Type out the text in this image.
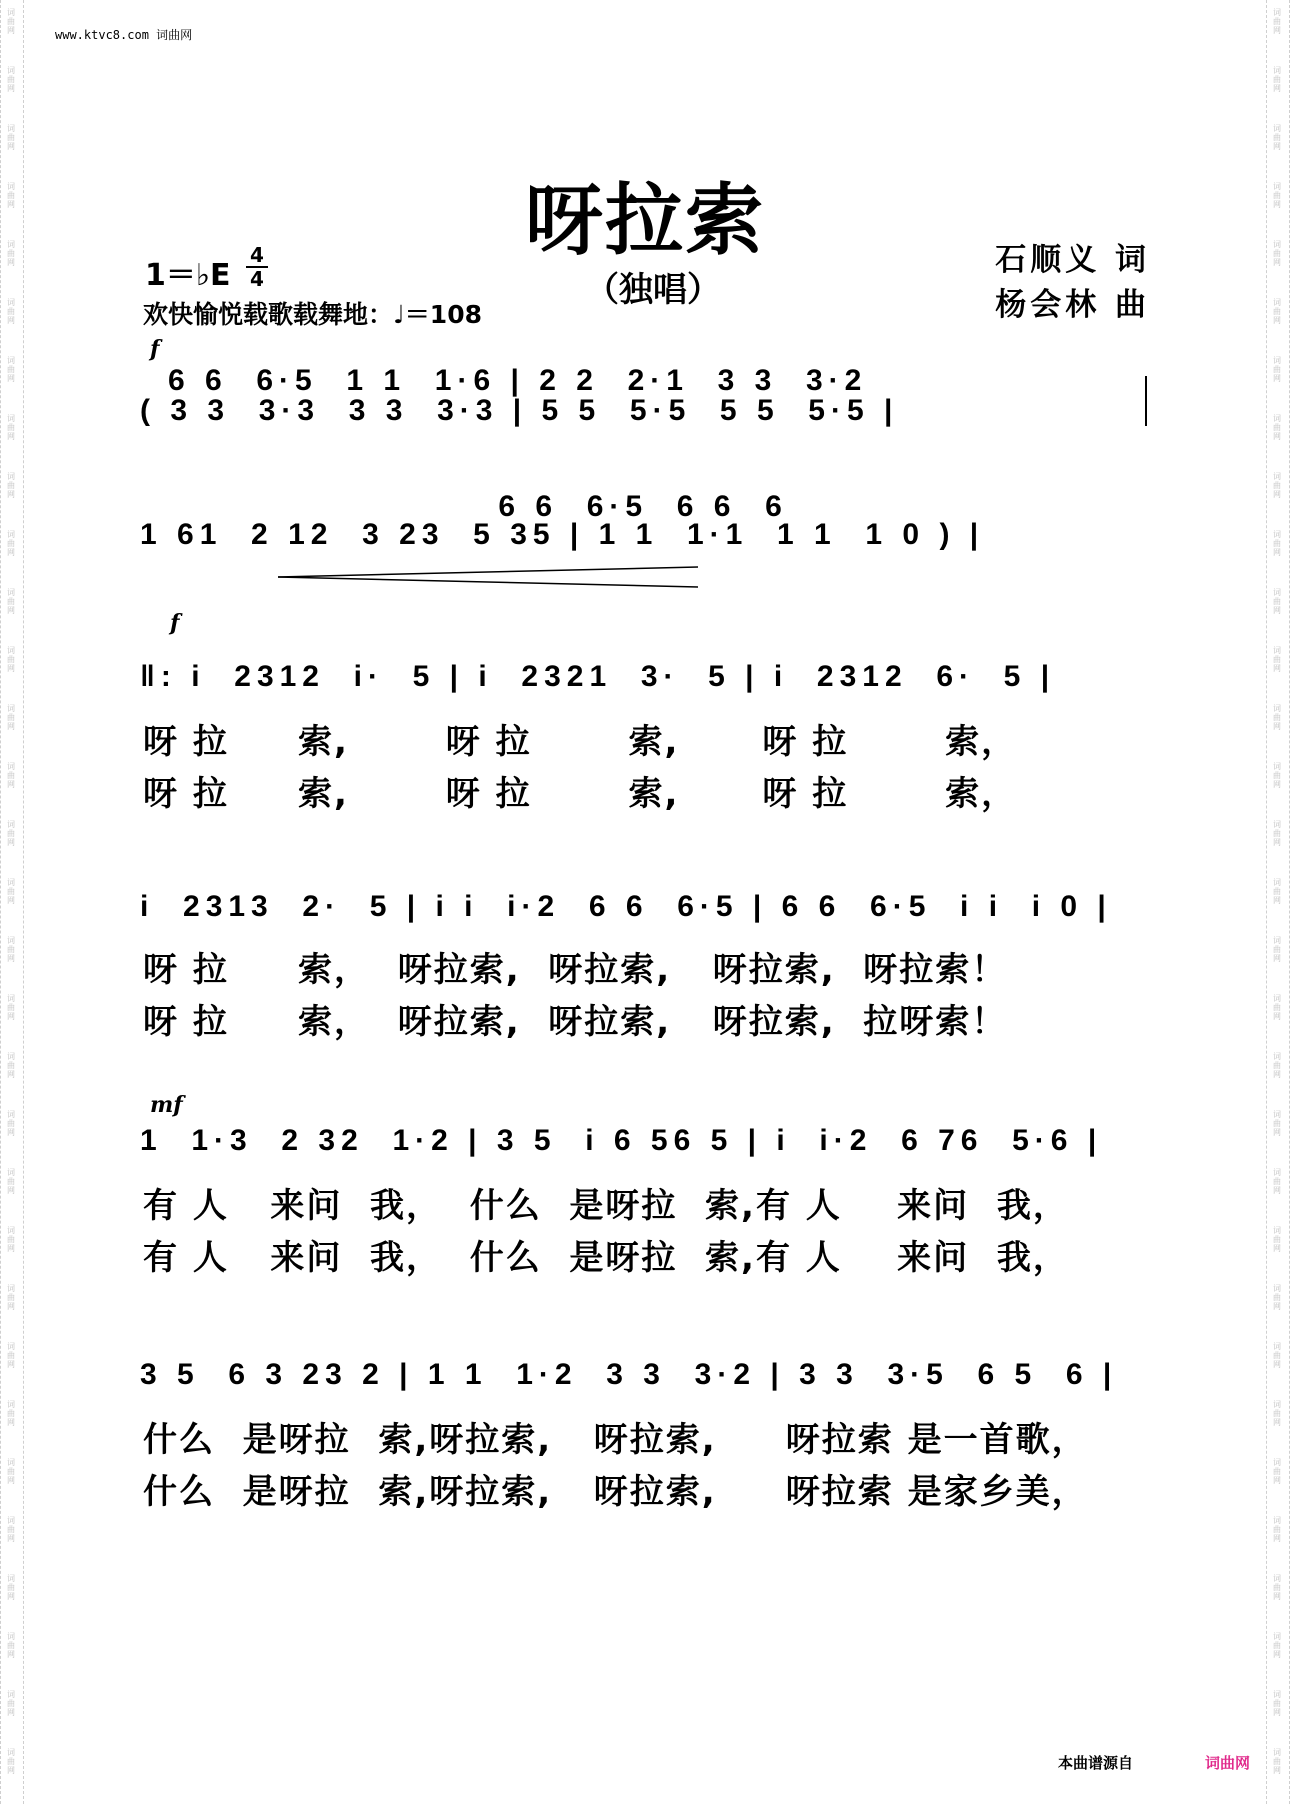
词
曲
网
词
曲
网
词
曲
网
词
曲
网
词
曲
网
词
曲
网
词
曲
网
词
曲
网
词
曲
网
词
曲
网
词
曲
网
词
曲
网
词
曲
网
词
曲
网
词
曲
网
词
曲
网
词
曲
网
词
曲
网
词
曲
网
词
曲
网
词
曲
网
词
曲
网
词
曲
网
词
曲
网
词
曲
网
词
曲
网
词
曲
网
词
曲
网
词
曲
网
词
曲
网
词
曲
网
词
曲
网
词
曲
网
词
曲
网
词
曲
网
词
曲
网
词
曲
网
词
曲
网
词
曲
网
词
曲
网
词
曲
网
词
曲
网
词
曲
网
词
曲
网
词
曲
网
词
曲
网
词
曲
网
词
曲
网
词
曲
网
词
曲
网
词
曲
网
词
曲
网
词
曲
网
词
曲
网
词
曲
网
词
曲
网
词
曲
网
词
曲
网
词
曲
网
词
曲
网
词
曲
网
词
曲
网
www.ktvc8.com 词曲网
呀拉索
（独唱）
石顺义 词
杨会林 曲
1＝♭E
4
4
欢快愉悦载歌载舞地：♩＝108
f
6 6  6·5  1 1  1·6 | 2 2  2·1  3 3  3·2
( 3 3  3·3  3 3  3·3 | 5 5  5·5  5 5  5·5 |
6 6  6·5  6 6  6
1 61  2 12  3 23  5 35 | 1 1  1·1  1 1  1 0 ) |
f
‖: i  2312  i·  5 | i  2321  3·  5 | i  2312  6·  5 |
呀 拉     索,       呀 拉       索,      呀 拉       索，
呀 拉     索,       呀 拉       索,      呀 拉       索，
i  2313  2·  5 | i i  i·2  6 6  6·5 | 6 6  6·5  i i  i 0 |
呀 拉     索，  呀拉索,  呀拉索,   呀拉索,  呀拉索！
呀 拉     索，  呀拉索,  呀拉索,   呀拉索,  拉呀索！
mf
1  1·3  2 32  1·2 | 3 5  i 6 56 5 | i  i·2  6 76  5·6 |
有 人   来问  我，  什么  是呀拉  索,有 人    来问  我，
有 人   来问  我，  什么  是呀拉  索,有 人    来问  我，
3 5  6 3 23 2 | 1 1  1·2  3 3  3·2 | 3 3  3·5  6 5  6 |
什么  是呀拉  索,呀拉索,   呀拉索,     呀拉索 是一首歌，
什么  是呀拉  索,呀拉索,   呀拉索,     呀拉索 是家乡美，
本曲谱源自	词曲网
